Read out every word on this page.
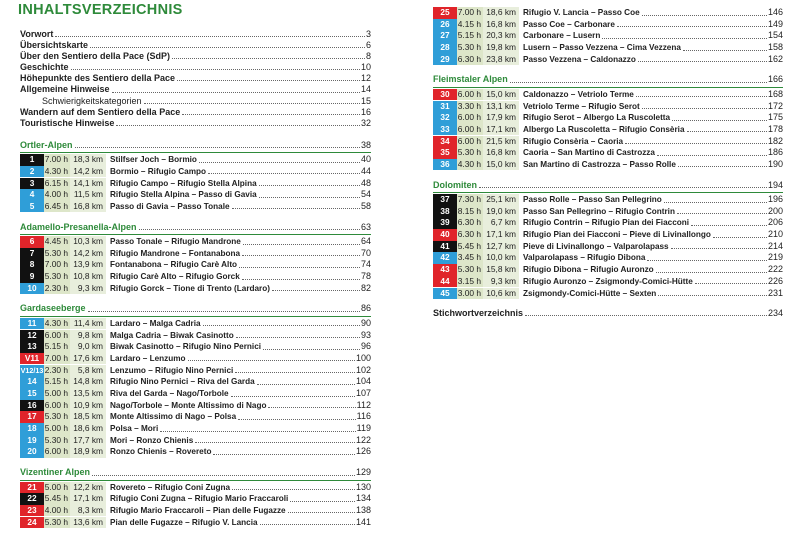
INHALTSVERZEICHNIS
Vorwort	3
Übersichtskarte	6
Über den Sentiero della Pace (SdP)	8
Geschichte	10
Höhepunkte des Sentiero della Pace	12
Allgemeine Hinweise	14
Schwierigkeitskategorien	15
Wandern auf dem Sentiero della Pace	16
Touristische Hinweise	32
Ortler-Alpen	38
1	7.00 h 18,3 km Stilfser Joch – Bormio	40
2	4.30 h 14,2 km Bormio – Rifugio Campo	44
3	6.15 h 14,1 km Rifugio Campo – Rifugio Stella Alpina	48
4	4.00 h 11,5 km Rifugio Stella Alpina – Passo di Gavia	54
5	6.45 h 16,8 km Passo di Gavia – Passo Tonale	58
Adamello-Presanella-Alpen	63
6	4.45 h 10,3 km Passo Tonale – Rifugio Mandrone	64
7	5.30 h 14,2 km Rifugio Mandrone – Fontanabona	70
8	7.00 h 13,9 km Fontanabona – Rifugio Carè Alto	74
9	5.30 h 10,8 km Rifugio Carè Alto – Rifugio Gorck	78
10 2.30 h	9,3 km Rifugio Gorck – Tione di Trento (Lardaro)	82
Gardaseeberge	86
11 4.30 h 11,4 km Lardaro – Malga Cadria	90
12 6.00 h	9,8 km Malga Cadria – Biwak Casinotto	93
13 5.15 h	9,0 km Biwak Casinotto – Rifugio Nino Pernici	96
V11 7.00 h 17,6 km Lardaro – Lenzumo	100
V12/13 2.30 h	5,8 km Lenzumo – Rifugio Nino Pernici	102
14 5.15 h 14,8 km Rifugio Nino Pernici – Riva del Garda	104
15 5.00 h 13,5 km Riva del Garda – Nago/Torbole	107
16 6.00 h 10,9 km Nago/Torbole – Monte Altissimo di Nago	112
17 5.30 h 18,5 km Monte Altissimo di Nago – Polsa	116
18 5.00 h 18,6 km Polsa – Mori	119
19 5.30 h 17,7 km Mori – Ronzo Chienis	122
20 6.00 h 18,9 km Ronzo Chienis – Rovereto	126
Vizentiner Alpen	129
21 5.00 h 12,2 km Rovereto – Rifugio Coni Zugna	130
22 5.45 h 17,1 km Rifugio Coni Zugna – Rifugio Mario Fraccaroli	134
23 4.00 h	8,3 km Rifugio Mario Fraccaroli – Pian delle Fugazze	138
24 5.30 h 13,6 km Pian delle Fugazze – Rifugio V. Lancia	141
25 7.00 h 18,6 km Rifugio V. Lancia – Passo Coe	146
26 4.15 h 16,8 km Passo Coe – Carbonare	149
27 5.15 h 20,3 km Carbonare – Lusern	154
28 5.30 h 19,8 km Lusern – Passo Vezzena – Cima Vezzena	158
29 6.30 h 23,8 km Passo Vezzena – Caldonazzo	162
Fleimstaler Alpen	166
30 6.00 h 15,0 km Caldonazzo – Vetriolo Terme	168
31 3.30 h 13,1 km Vetriolo Terme – Rifugio Serot	172
32 6.00 h 17,9 km Rifugio Serot – Albergo La Ruscoletta	175
33 6.00 h 17,1 km Albergo La Ruscoletta – Rifugio Consèria	178
34 6.00 h 21,5 km Rifugio Consèria – Caoria	182
35 5.30 h 16,8 km Caoria – San Martino di Castrozza	186
36 4.30 h 15,0 km San Martino di Castrozza – Passo Rolle	190
Dolomiten	194
37 7.30 h 25,1 km Passo Rolle – Passo San Pellegrino	196
38 8.15 h 19,0 km Passo San Pellegrino – Rifugio Contrin	200
39 6.30 h	6,7 km Rifugio Contrin – Rifugio Pian dei Fiacconi	206
40 6.30 h 17,1 km Rifugio Pian dei Fiacconi – Pieve di Livinallongo	210
41 5.45 h 12,7 km Pieve di Livinallongo – Valparolapass	214
42 3.45 h 10,0 km Valparolapass – Rifugio Dibona	219
43 5.30 h 15,8 km Rifugio Dibona – Rifugio Auronzo	222
44 3.15 h	9,3 km Rifugio Auronzo – Zsigmondy-Comici-Hütte	226
45 3.00 h 10,6 km Zsigmondy-Comici-Hütte – Sexten	231
Stichwortverzeichnis	234
